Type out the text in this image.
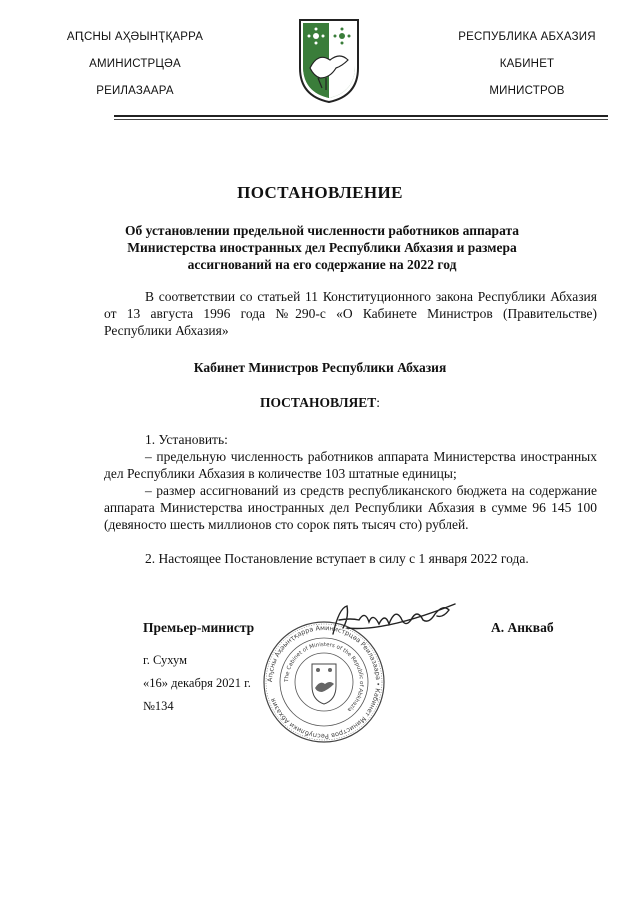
АԤСНЫ АҲӘЫНҬҚАРРА
АМИНИСТРЦӘА
РЕИЛАЗААРА
РЕСПУБЛИКА АБХАЗИЯ
КАБИНЕТ
МИНИСТРОВ
ПОСТАНОВЛЕНИЕ
Об установлении предельной численности работников аппарата Министерства иностранных дел Республики Абхазия и размера ассигнований на его содержание на 2022 год
В соответствии со статьей 11 Конституционного закона Республики Абхазия от 13 августа 1996 года №290-с «О Кабинете Министров (Правительстве) Республики Абхазия»
Кабинет Министров Республики Абхазия
ПОСТАНОВЛЯЕТ:
1. Установить:
– предельную численность работников аппарата Министерства иностранных дел Республики Абхазия в количестве 103 штатные единицы;
– размер ассигнований из средств республиканского бюджета на содержание аппарата Министерства иностранных дел Республики Абхазия в сумме 96 145 100 (девяносто шесть миллионов сто сорок пять тысяч сто) рублей.
2. Настоящее Постановление вступает в силу с 1 января 2022 года.
Премьер-министр	А. Анкваб
Аҧсны Аҳәынҭқарра Аминистрцәа Реилазаара • Кабинет Министров Республики Абхазия
The Cabinet of Ministers of the Republic of Abkhazia
г. Сухум
«16» декабря 2021 г.
№134
